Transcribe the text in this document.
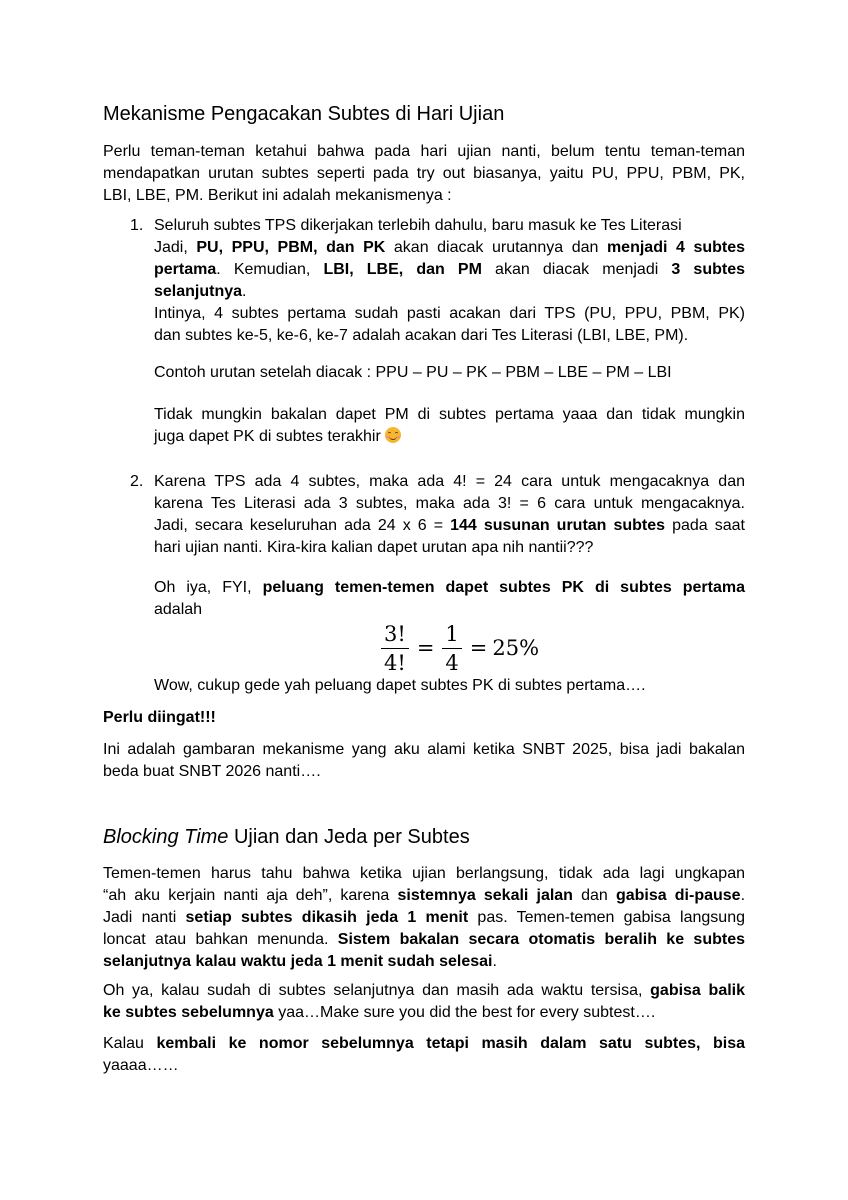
Mekanisme Pengacakan Subtes di Hari Ujian

Perlu teman-teman ketahui bahwa pada hari ujian nanti, belum tentu teman-teman
mendapatkan urutan subtes seperti pada try out biasanya, yaitu PU, PPU, PBM, PK,
LBI, LBE, PM. Berikut ini adalah mekanismenya :

1. Seluruh subtes TPS dikerjakan terlebih dahulu, baru masuk ke Tes Literasi
Jadi, PU, PPU, PBM, dan PK akan diacak urutannya dan menjadi 4 subtes
pertama. Kemudian, LBI, LBE, dan PM akan diacak menjadi 3 subtes
selanjutnya.
Intinya, 4 subtes pertama sudah pasti acakan dari TPS (PU, PPU, PBM, PK)
dan subtes ke-5, ke-6, ke-7 adalah acakan dari Tes Literasi (LBI, LBE, PM).

Contoh urutan setelah diacak : PPU – PU – PK – PBM – LBE – PM – LBI

Tidak mungkin bakalan dapet PM di subtes pertama yaaa dan tidak mungkin
juga dapet PK di subtes terakhir

2. Karena TPS ada 4 subtes, maka ada 4! = 24 cara untuk mengacaknya dan
karena Tes Literasi ada 3 subtes, maka ada 3! = 6 cara untuk mengacaknya.
Jadi, secara keseluruhan ada 24 x 6 = 144 susunan urutan subtes pada saat
hari ujian nanti. Kira-kira kalian dapet urutan apa nih nantii???

Oh iya, FYI, peluang temen-temen dapet subtes PK di subtes pertama
adalah

$\frac{3!}{4!} = \frac{1}{4} = 25\%$

Wow, cukup gede yah peluang dapet subtes PK di subtes pertama….

Perlu diingat!!!

Ini adalah gambaran mekanisme yang aku alami ketika SNBT 2025, bisa jadi bakalan
beda buat SNBT 2026 nanti….

Blocking Time Ujian dan Jeda per Subtes

Temen-temen harus tahu bahwa ketika ujian berlangsung, tidak ada lagi ungkapan
“ah aku kerjain nanti aja deh”, karena sistemnya sekali jalan dan gabisa di-pause.
Jadi nanti setiap subtes dikasih jeda 1 menit pas. Temen-temen gabisa langsung
loncat atau bahkan menunda. Sistem bakalan secara otomatis beralih ke subtes
selanjutnya kalau waktu jeda 1 menit sudah selesai.

Oh ya, kalau sudah di subtes selanjutnya dan masih ada waktu tersisa, gabisa balik
ke subtes sebelumnya yaa…Make sure you did the best for every subtest….

Kalau kembali ke nomor sebelumnya tetapi masih dalam satu subtes, bisa
yaaaa……
